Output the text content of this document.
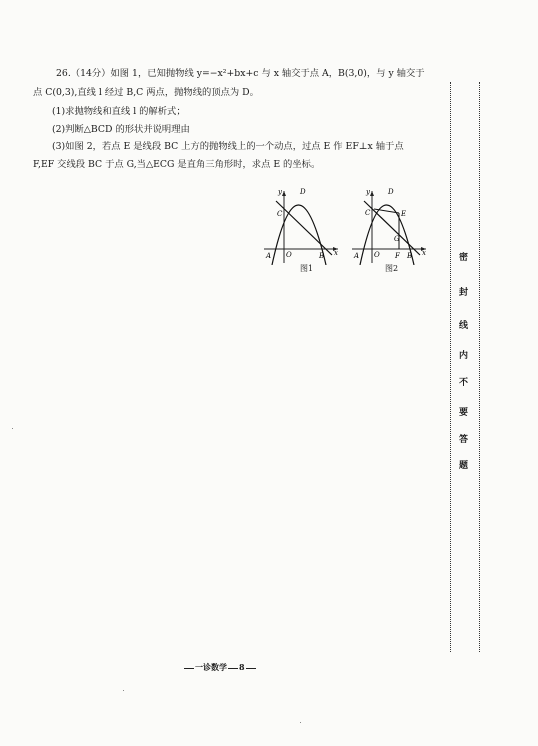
26.（14分）如图 1，已知抛物线 y=−x²+bx+c 与 x 轴交于点 A，B(3,0)，与 y 轴交于
点 C(0,3),直线 l 经过 B,C 两点，抛物线的顶点为 D。
(1)求抛物线和直线 l 的解析式；
(2)判断△BCD 的形状并说明理由
(3)如图 2，若点 E 是线段 BC 上方的抛物线上的一个动点，过点 E 作 EF⊥x 轴于点
F,EF 交线段 BC 于点 G,当△ECG 是直角三角形时，求点 E 的坐标。
y	D
C
A O	B x
图1
y	D
C	E
G
A O F B x
图2
密
封
线
内
不
要
答
题
一诊数学 8
